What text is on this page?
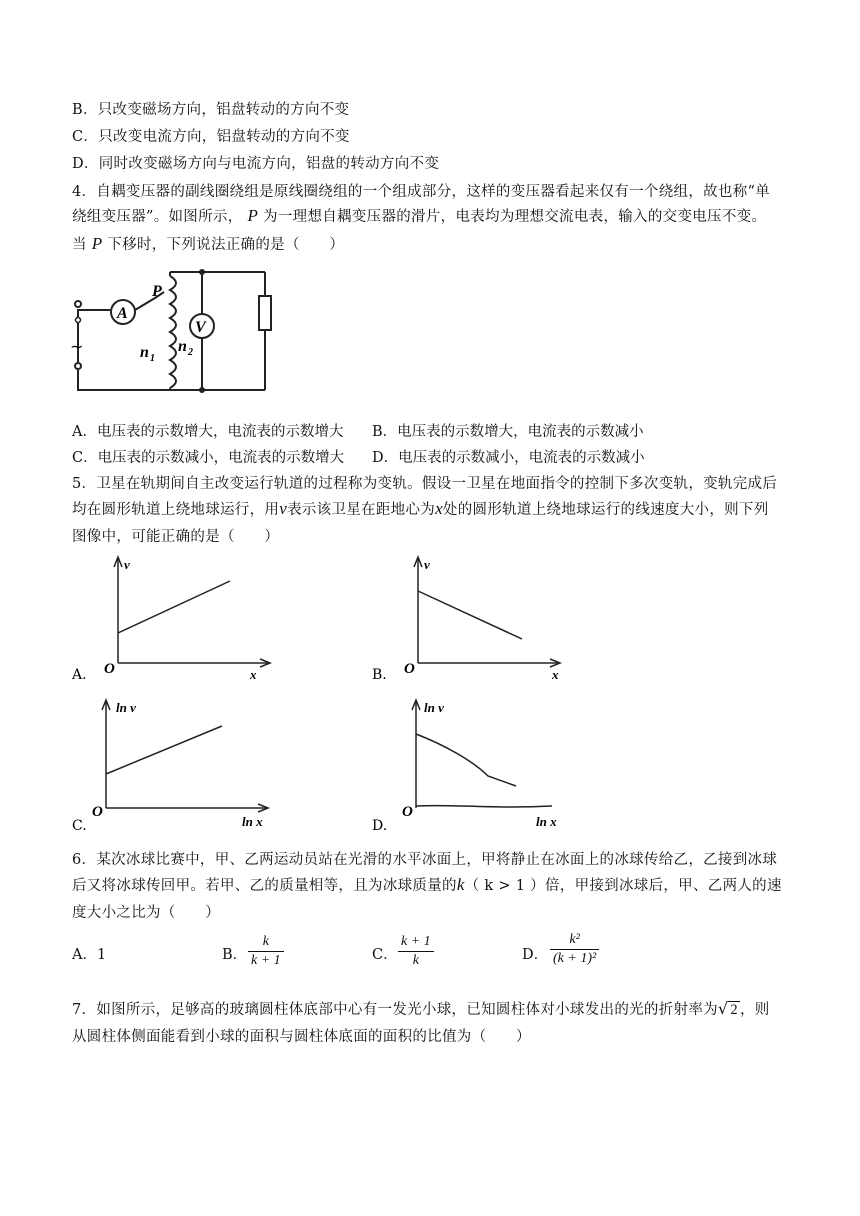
B．只改变磁场方向，铝盘转动的方向不变
C．只改变电流方向，铝盘转动的方向不变
D．同时改变磁场方向与电流方向，铝盘的转动方向不变
4．自耦变压器的副线圈绕组是原线圈绕组的一个组成部分，这样的变压器看起来仅有一个绕组，故也称“单
绕组变压器”。如图所示， P 为一理想自耦变压器的滑片，电表均为理想交流电表，输入的交变电压不变。
当 P 下移时，下列说法正确的是（　　）
A
V
P
n 1
n 2
~
A．电压表的示数增大，电流表的示数增大 B．电压表的示数增大，电流表的示数减小
C．电压表的示数减小，电流表的示数增大 D．电压表的示数减小，电流表的示数减小
5．卫星在轨期间自主改变运行轨道的过程称为变轨。假设一卫星在地面指令的控制下多次变轨，变轨完成后
均在圆形轨道上绕地球运行，用v表示该卫星在距地心为x处的圆形轨道上绕地球运行的线速度大小，则下列
图像中，可能正确的是（　　）
v
x
O
A.
v
x
O
B.
ln v
ln x
O
C.
ln v
ln x
O
D.
6．某次冰球比赛中，甲、乙两运动员站在光滑的水平冰面上，甲将静止在冰面上的冰球传给乙，乙接到冰球
后又将冰球传回甲。若甲、乙的质量相等，且为冰球质量的k（ k > 1 ）倍，甲接到冰球后，甲、乙两人的速
度大小之比为（　　）
A．1	B．
k
k + 1	C．
k + 1
k	D．
k²
(k + 1)²
7．如图所示，足够高的玻璃圆柱体底部中心有一发光小球，已知圆柱体对小球发出的光的折射率为√ 2 ，则
从圆柱体侧面能看到小球的面积与圆柱体底面的面积的比值为（　　）
